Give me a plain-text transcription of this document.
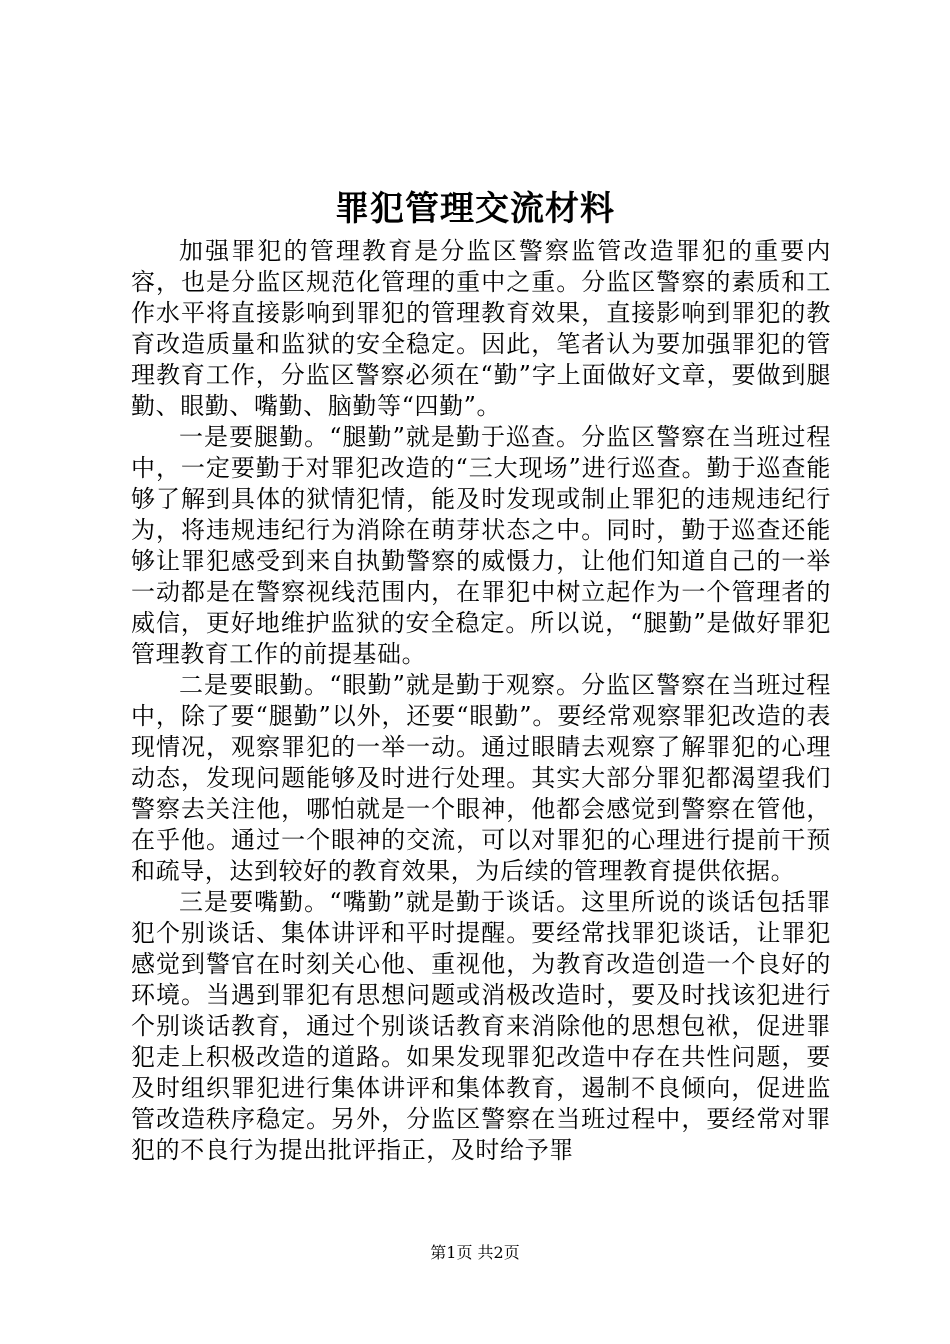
罪犯管理交流材料

加强罪犯的管理教育是分监区警察监管改造罪犯的重要内容，也是分监区规范化管理的重中之重。分监区警察的素质和工作水平将直接影响到罪犯的管理教育效果，直接影响到罪犯的教育改造质量和监狱的安全稳定。因此，笔者认为要加强罪犯的管理教育工作，分监区警察必须在“勤”字上面做好文章，要做到腿勤、眼勤、嘴勤、脑勤等“四勤”。

一是要腿勤。“腿勤”就是勤于巡查。分监区警察在当班过程中，一定要勤于对罪犯改造的“三大现场”进行巡查。勤于巡查能够了解到具体的狱情犯情，能及时发现或制止罪犯的违规违纪行为，将违规违纪行为消除在萌芽状态之中。同时，勤于巡查还能够让罪犯感受到来自执勤警察的威慑力，让他们知道自己的一举一动都是在警察视线范围内，在罪犯中树立起作为一个管理者的威信，更好地维护监狱的安全稳定。所以说，“腿勤”是做好罪犯管理教育工作的前提基础。

二是要眼勤。“眼勤”就是勤于观察。分监区警察在当班过程中，除了要“腿勤”以外，还要“眼勤”。要经常观察罪犯改造的表现情况，观察罪犯的一举一动。通过眼睛去观察了解罪犯的心理动态，发现问题能够及时进行处理。其实大部分罪犯都渴望我们警察去关注他，哪怕就是一个眼神，他都会感觉到警察在管他，在乎他。通过一个眼神的交流，可以对罪犯的心理进行提前干预和疏导，达到较好的教育效果，为后续的管理教育提供依据。

三是要嘴勤。“嘴勤”就是勤于谈话。这里所说的谈话包括罪犯个别谈话、集体讲评和平时提醒。要经常找罪犯谈话，让罪犯感觉到警官在时刻关心他、重视他，为教育改造创造一个良好的环境。当遇到罪犯有思想问题或消极改造时，要及时找该犯进行个别谈话教育，通过个别谈话教育来消除他的思想包袱，促进罪犯走上积极改造的道路。如果发现罪犯改造中存在共性问题，要及时组织罪犯进行集体讲评和集体教育，遏制不良倾向，促进监管改造秩序稳定。另外，分监区警察在当班过程中，要经常对罪犯的不良行为提出批评指正，及时给予罪

第1页 共2页
